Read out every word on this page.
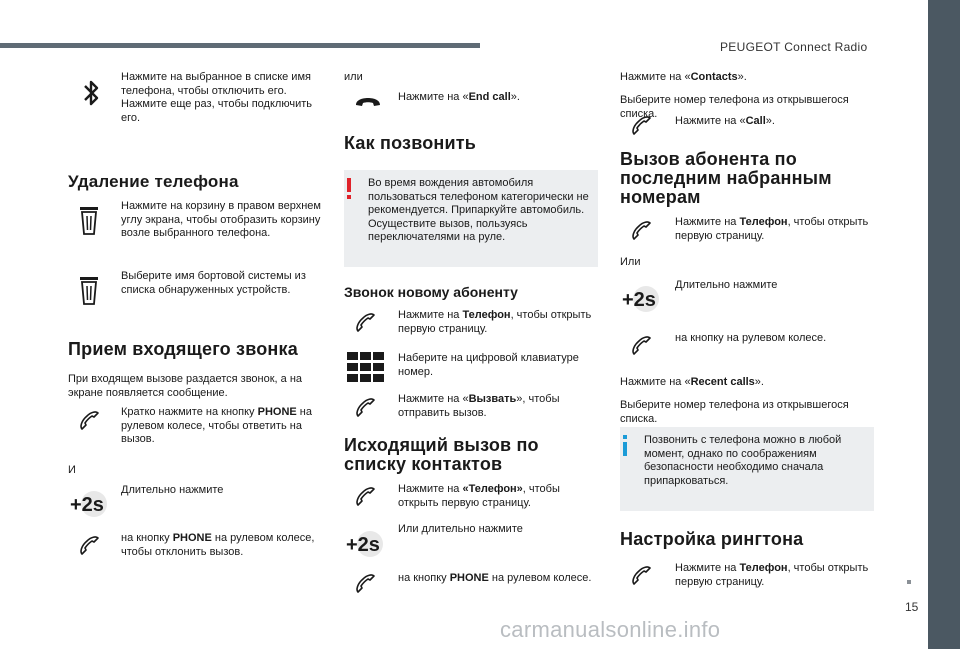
PEUGEOT Connect Radio
15
Нажмите на выбранное в списке имя телефона, чтобы отключить его. Нажмите еще раз, чтобы подключить его.
Удаление телефона
Нажмите на корзину в правом верхнем углу экрана, чтобы отобразить корзину возле выбранного телефона.
Выберите имя бортовой системы из списка обнаруженных устройств.
Прием входящего звонка
При входящем вызове раздается звонок, а на экране появляется сообщение.
Кратко нажмите на кнопку PHONE на рулевом колесе, чтобы ответить на вызов.
И
+2s
Длительно нажмите
на кнопку PHONE на рулевом колесе, чтобы отклонить вызов.
или
Нажмите на «End call».
Как позвонить
Во время вождения автомобиля пользоваться телефоном категорически не рекомендуется. Припаркуйте автомобиль. Осуществите вызов, пользуясь переключателями на руле.
Звонок новому абоненту
Нажмите на Телефон, чтобы открыть первую страницу.
Наберите на цифровой клавиатуре номер.
Нажмите на «Вызвать», чтобы отправить вызов.
Исходящий вызов по списку контактов
Нажмите на «Телефон», чтобы открыть первую страницу.
+2s
Или длительно нажмите
на кнопку PHONE на рулевом колесе.
Нажмите на «Contacts».
Выберите номер телефона из открывшегося списка.
Нажмите на «Call».
Вызов абонента по последним набранным номерам
Нажмите на Телефон, чтобы открыть первую страницу.
Или
+2s
Длительно нажмите
на кнопку на рулевом колесе.
Нажмите на «Recent calls».
Выберите номер телефона из открывшегося списка.
Позвонить с телефона можно в любой момент, однако по соображениям безопасности необходимо сначала припарковаться.
Настройка рингтона
Нажмите на Телефон, чтобы открыть первую страницу.
carmanualsonline.info
